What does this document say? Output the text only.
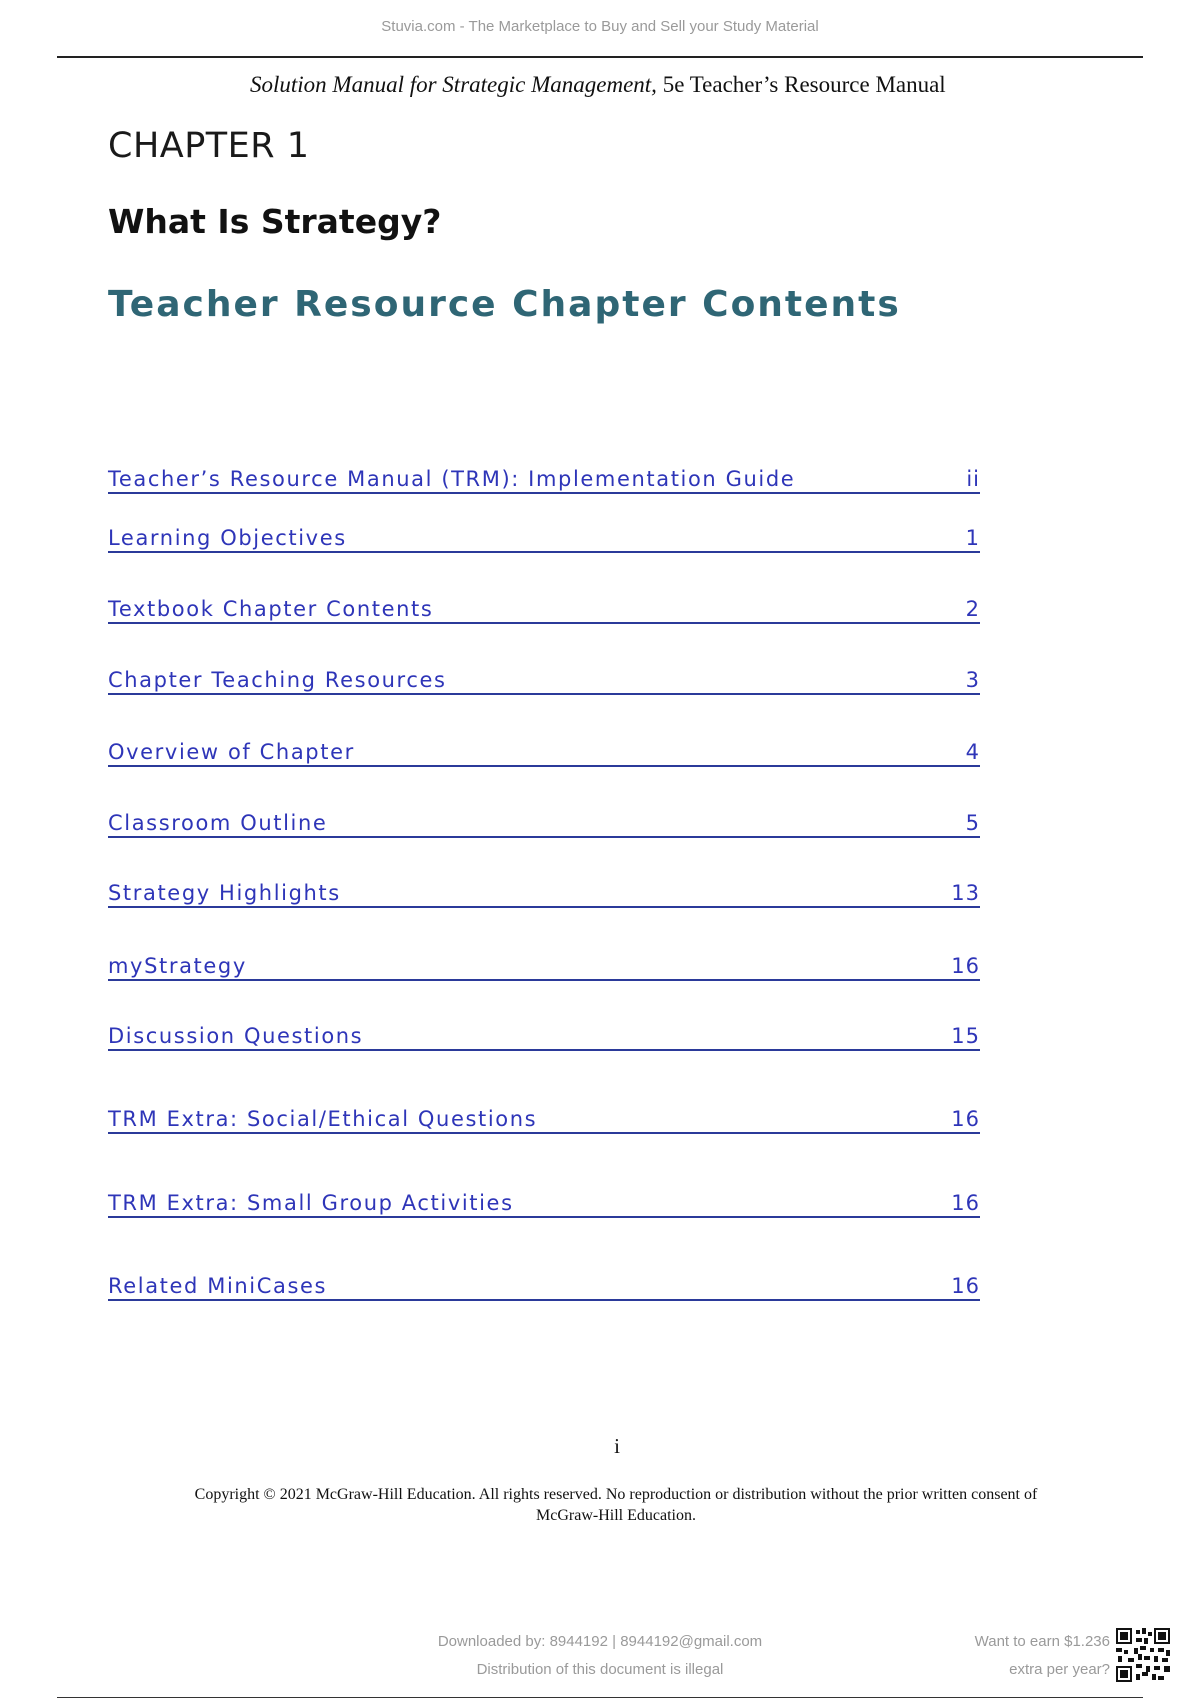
Stuvia.com - The Marketplace to Buy and Sell your Study Material
Solution Manual for Strategic Management, 5e Teacher’s Resource Manual
CHAPTER 1
What Is Strategy?
Teacher Resource Chapter Contents
Teacher’s Resource Manual (TRM): Implementation Guide	ii
Learning Objectives	1
Textbook Chapter Contents	2
Chapter Teaching Resources	3
Overview of Chapter	4
Classroom Outline	5
Strategy Highlights	13
myStrategy	16
Discussion Questions	15
TRM Extra: Social/Ethical Questions	16
TRM Extra: Small Group Activities	16
Related MiniCases	16
i
Copyright © 2021 McGraw-Hill Education. All rights reserved. No reproduction or distribution without the prior written consent of
McGraw-Hill Education.
Downloaded by: 8944192 | 8944192@gmail.com
Distribution of this document is illegal
Want to earn $1.236
extra per year?
